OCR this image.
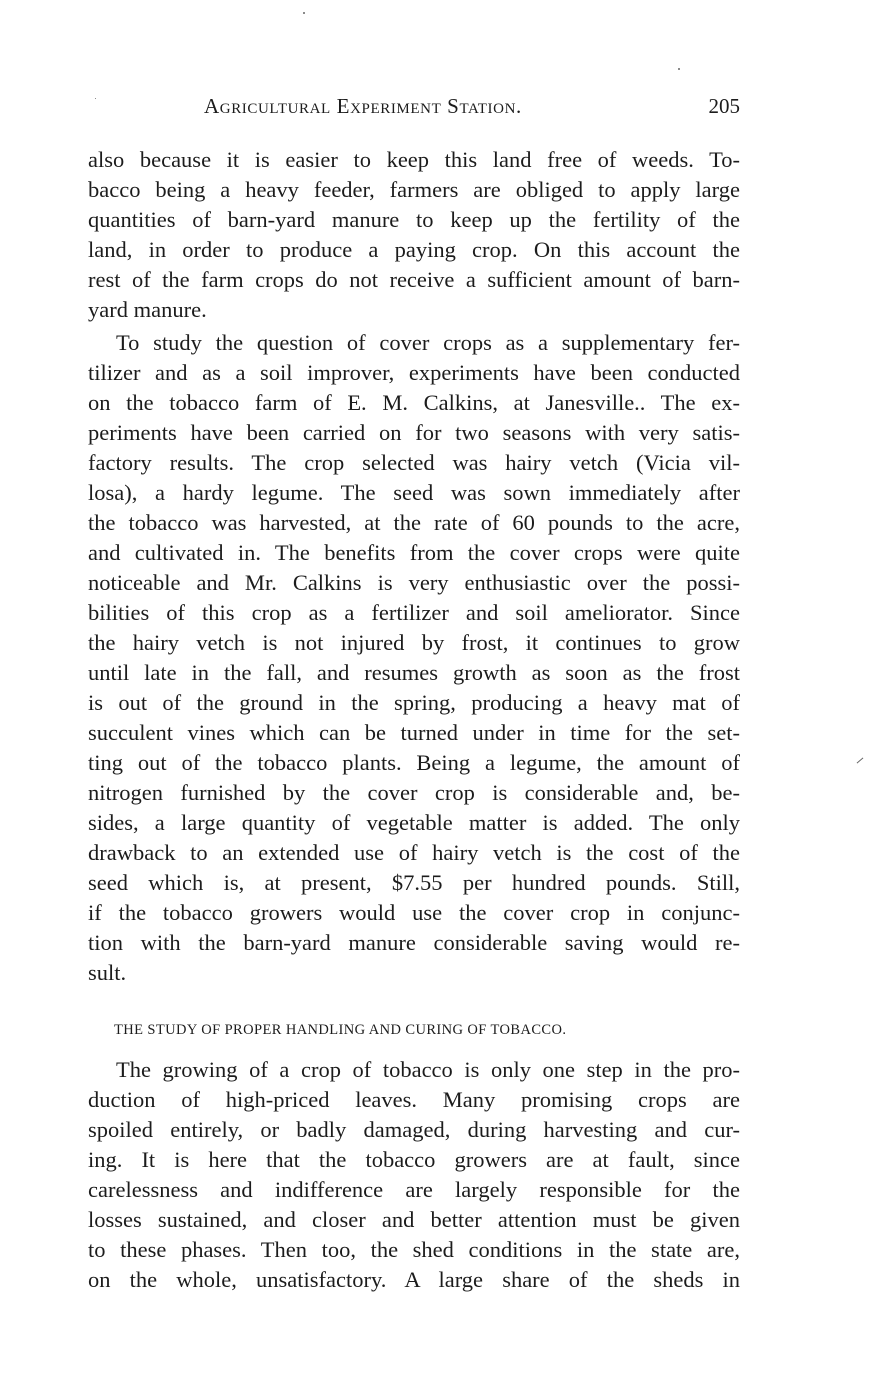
Agricultural Experiment Station.	205
also because it is easier to keep this land free of weeds. To-
bacco being a heavy feeder, farmers are obliged to apply large
quantities of barn-yard manure to keep up the fertility of the
land, in order to produce a paying crop. On this account the
rest of the farm crops do not receive a sufficient amount of barn-
yard manure.
To study the question of cover crops as a supplementary fer-
tilizer and as a soil improver, experiments have been conducted
on the tobacco farm of E. M. Calkins, at Janesville.. The ex-
periments have been carried on for two seasons with very satis-
factory results. The crop selected was hairy vetch (Vicia vil-
losa), a hardy legume. The seed was sown immediately after
the tobacco was harvested, at the rate of 60 pounds to the acre,
and cultivated in. The benefits from the cover crops were quite
noticeable and Mr. Calkins is very enthusiastic over the possi-
bilities of this crop as a fertilizer and soil ameliorator. Since
the hairy vetch is not injured by frost, it continues to grow
until late in the fall, and resumes growth as soon as the frost
is out of the ground in the spring, producing a heavy mat of
succulent vines which can be turned under in time for the set-
ting out of the tobacco plants. Being a legume, the amount of
nitrogen furnished by the cover crop is considerable and, be-
sides, a large quantity of vegetable matter is added. The only
drawback to an extended use of hairy vetch is the cost of the
seed which is, at present, $7.55 per hundred pounds. Still,
if the tobacco growers would use the cover crop in conjunc-
tion with the barn-yard manure considerable saving would re-
sult.
THE STUDY OF PROPER HANDLING AND CURING OF TOBACCO.
The growing of a crop of tobacco is only one step in the pro-
duction of high-priced leaves. Many promising crops are
spoiled entirely, or badly damaged, during harvesting and cur-
ing. It is here that the tobacco growers are at fault, since
carelessness and indifference are largely responsible for the
losses sustained, and closer and better attention must be given
to these phases. Then too, the shed conditions in the state are,
on the whole, unsatisfactory. A large share of the sheds in
